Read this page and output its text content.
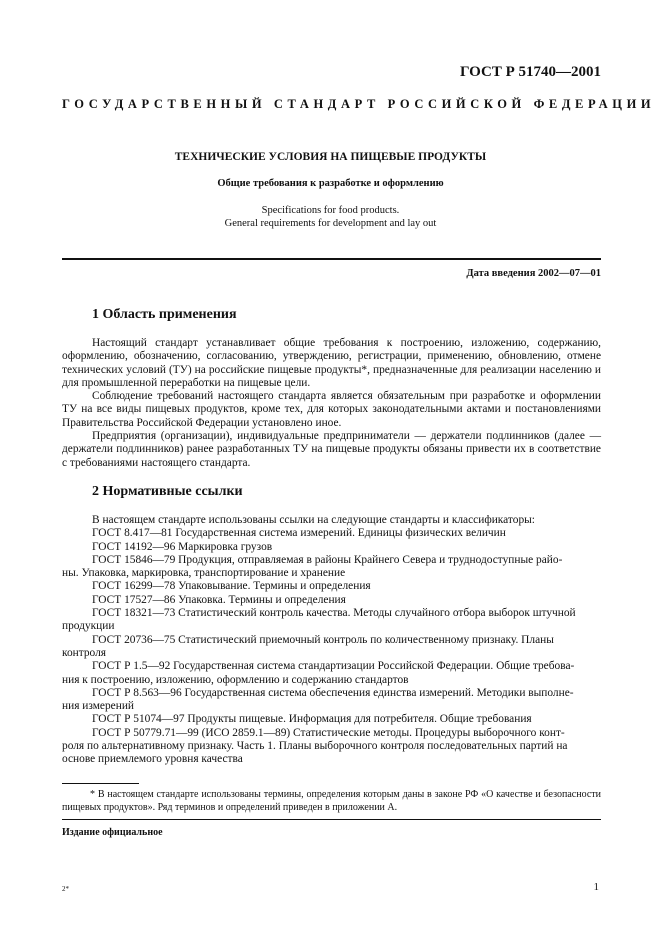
ГОСТ Р 51740—2001
ГОСУДАРСТВЕННЫЙ СТАНДАРТ РОССИЙСКОЙ ФЕДЕРАЦИИ
ТЕХНИЧЕСКИЕ УСЛОВИЯ НА ПИЩЕВЫЕ ПРОДУКТЫ
Общие требования к разработке и оформлению
Specifications for food products.
General requirements for development and lay out
Дата введения 2002—07—01
1 Область применения

Настоящий стандарт устанавливает общие требования к построению, изложению, содержанию, оформлению, обозначению, согласованию, утверждению, регистрации, применению, обновлению, отмене технических условий (ТУ) на российские пищевые продукты*, предназначенные для реализации населению и для промышленной переработки на пищевые цели.

Соблюдение требований настоящего стандарта является обязательным при разработке и оформлении ТУ на все виды пищевых продуктов, кроме тех, для которых законодательными актами и постановлениями Правительства Российской Федерации установлено иное.

Предприятия (организации), индивидуальные предприниматели — держатели подлинников (далее — держатели подлинников) ранее разработанных ТУ на пищевые продукты обязаны привести их в соответствие с требованиями настоящего стандарта.

2 Нормативные ссылки
В настоящем стандарте использованы ссылки на следующие стандарты и классификаторы:
ГОСТ 8.417—81 Государственная система измерений. Единицы физических величин
ГОСТ 14192—96 Маркировка грузов
ГОСТ 15846—79 Продукция, отправляемая в районы Крайнего Севера и труднодоступные райо-
ны. Упаковка, маркировка, транспортирование и хранение
ГОСТ 16299—78 Упаковывание. Термины и определения
ГОСТ 17527—86 Упаковка. Термины и определения
ГОСТ 18321—73 Статистический контроль качества. Методы случайного отбора выборок штучной
продукции
ГОСТ 20736—75 Статистический приемочный контроль по количественному признаку. Планы
контроля
ГОСТ Р 1.5—92 Государственная система стандартизации Российской Федерации. Общие требова-
ния к построению, изложению, оформлению и содержанию стандартов
ГОСТ Р 8.563—96 Государственная система обеспечения единства измерений. Методики выполне-
ния измерений
ГОСТ Р 51074—97 Продукты пищевые. Информация для потребителя. Общие требования
ГОСТ Р 50779.71—99 (ИСО 2859.1—89) Статистические методы. Процедуры выборочного конт-
роля по альтернативному признаку. Часть 1. Планы выборочного контроля последовательных партий на
основе приемлемого уровня качества

* В настоящем стандарте использованы термины, определения которым даны в законе РФ «О качестве и безопасности пищевых продуктов». Ряд терминов и определений приведен в приложении А.

Издание официальное
2*	1
